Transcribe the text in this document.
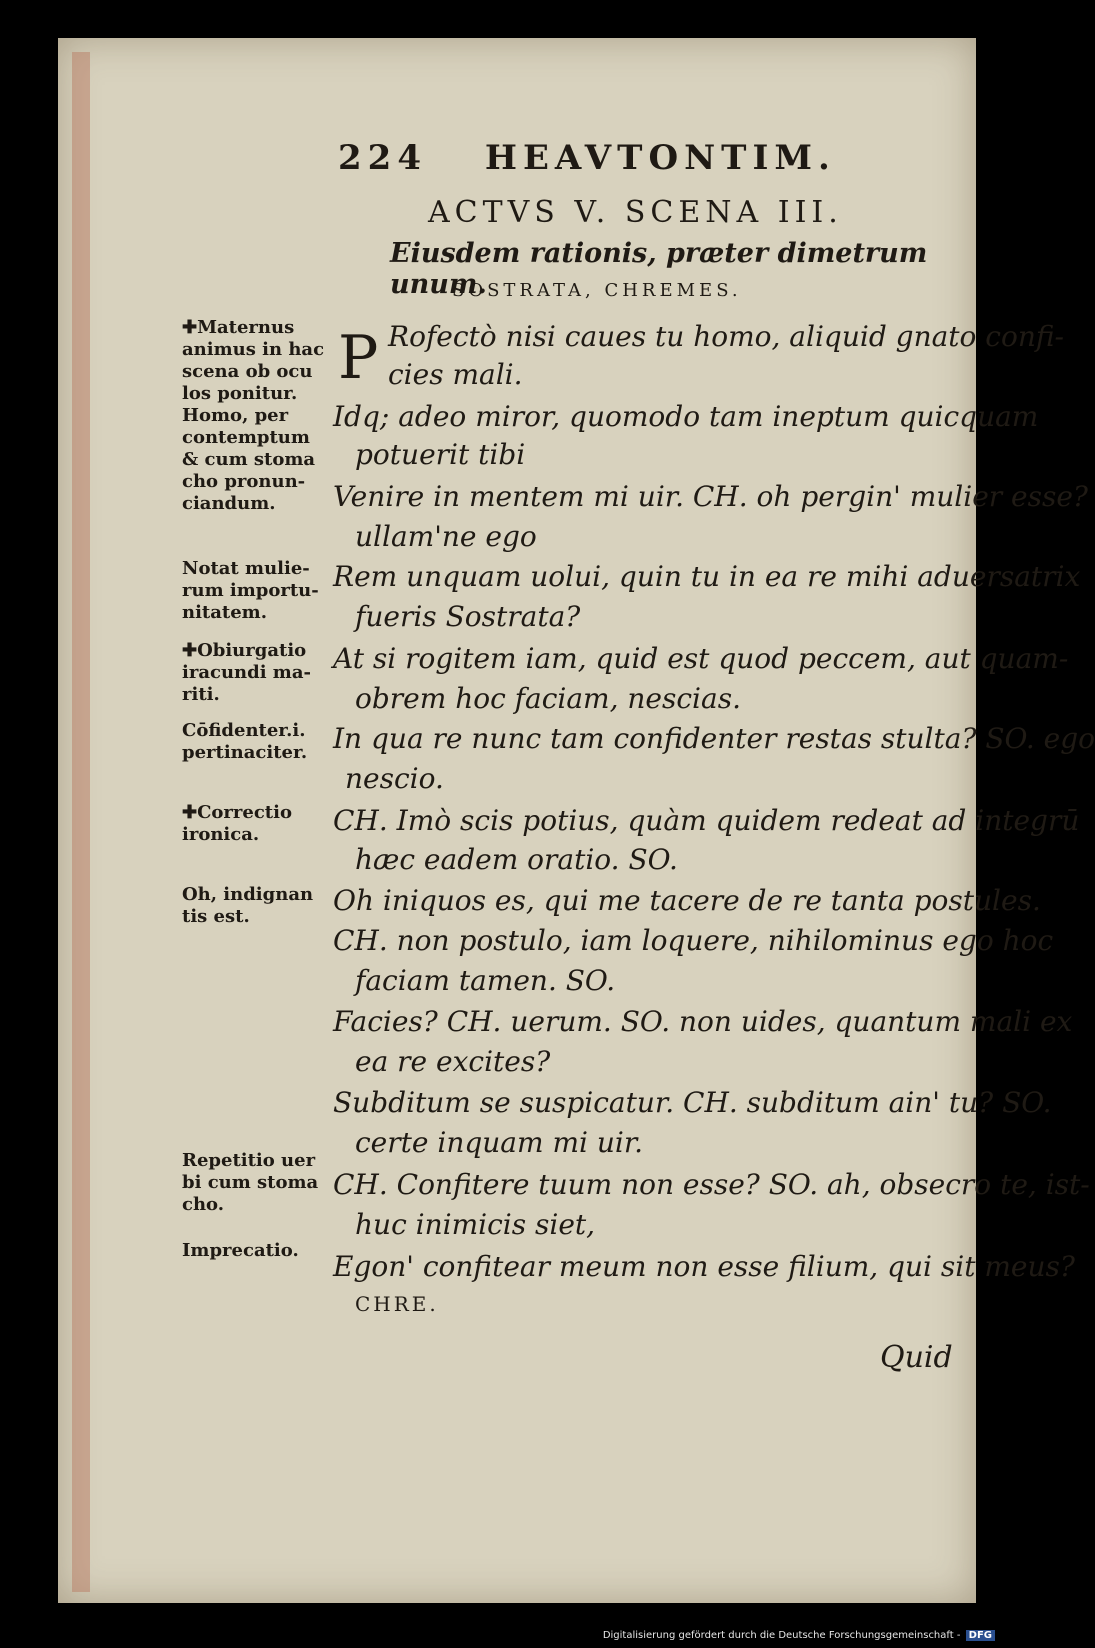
224 HEAVTONTIM.
ACTVS V. SCENA III.
Eiusdem rationis, præter dimetrum unum.
SOSTRATA, CHREMES.
P
✚Maternus
animus in hac
scena ob ocu
los ponitur.
Homo, per
contemptum
& cum stoma
cho pronun-
ciandum.
Notat mulie-
rum importu-
nitatem.
✚Obiurgatio
iracundi ma-
riti.
Cōfidenter.i.
pertinaciter.
✚Correctio
ironica.
Oh, indignan
tis est.
Repetitio uer
bi cum stoma
cho.
Imprecatio.
Rofectò nisi caues tu homo, aliquid gnato confi-
cies mali.
Idq; adeo miror, quomodo tam ineptum quicquam
potuerit tibi
Venire in mentem mi uir. CH. oh pergin' mulier esse?
ullam'ne ego
Rem unquam uolui, quin tu in ea re mihi aduersatrix
fueris Sostrata?
At si rogitem iam, quid est quod peccem, aut quam-
obrem hoc faciam, nescias.
In qua re nunc tam confidenter restas stulta? SO. ego
nescio.
CH. Imò scis potius, quàm quidem redeat ad integrū
hæc eadem oratio. SO.
Oh iniquos es, qui me tacere de re tanta postules.
CH. non postulo, iam loquere, nihilominus ego hoc
faciam tamen. SO.
Facies? CH. uerum. SO. non uides, quantum mali ex
ea re excites?
Subditum se suspicatur. CH. subditum ain' tu? SO.
certe inquam mi uir.
CH. Confitere tuum non esse? SO. ah, obsecro te, ist-
huc inimicis siet,
Egon' confitear meum non esse filium, qui sit meus?
CHRE.
Quid
Digitalisierung gefördert durch die Deutsche Forschungsgemeinschaft - DFG
